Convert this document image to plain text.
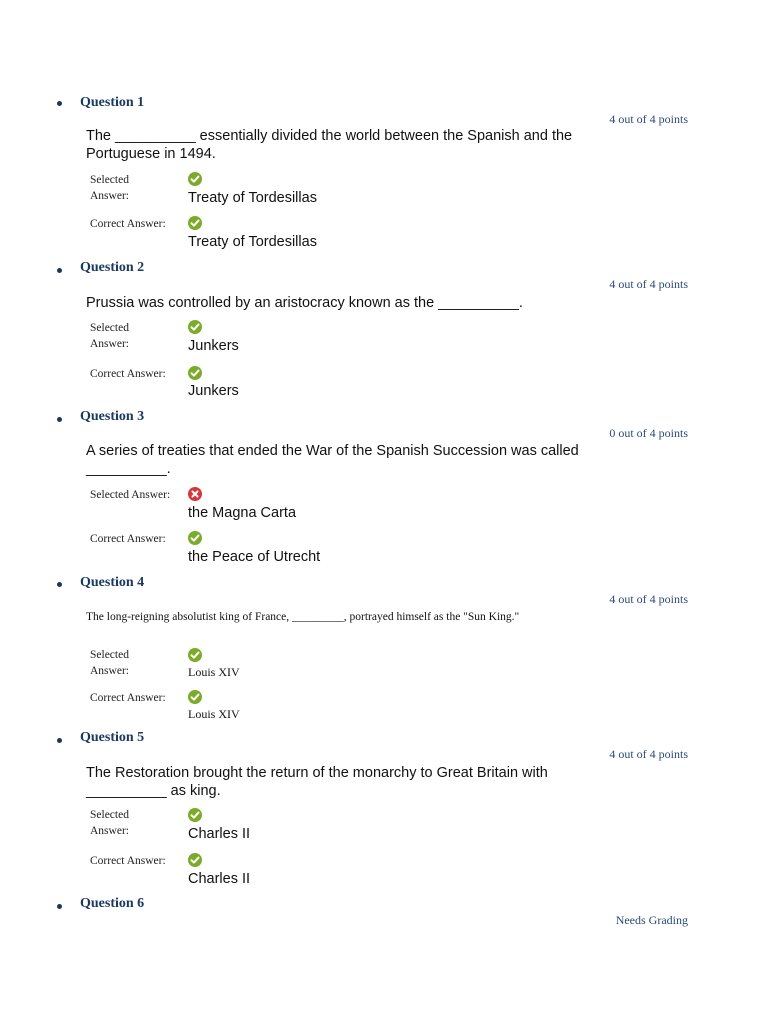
Question 1
4 out of 4 points
The __________ essentially divided the world between the Spanish and the
Portuguese in 1494.
Selected
Answer:	Treaty of Tordesillas
Correct Answer:
Treaty of Tordesillas
Question 2
4 out of 4 points
Prussia was controlled by an aristocracy known as the __________.
Selected
Answer:	Junkers
Correct Answer:
Junkers
Question 3
0 out of 4 points
A series of treaties that ended the War of the Spanish Succession was called
__________.
Selected Answer:
the Magna Carta
Correct Answer:
the Peace of Utrecht
Question 4
4 out of 4 points
The long-reigning absolutist king of France, _________, portrayed himself as the "Sun King."
Selected
Answer:	Louis XIV
Correct Answer:
Louis XIV
Question 5
4 out of 4 points
The Restoration brought the return of the monarchy to Great Britain with
__________ as king.
Selected
Answer:	Charles II
Correct Answer:
Charles II
Question 6
Needs Grading
